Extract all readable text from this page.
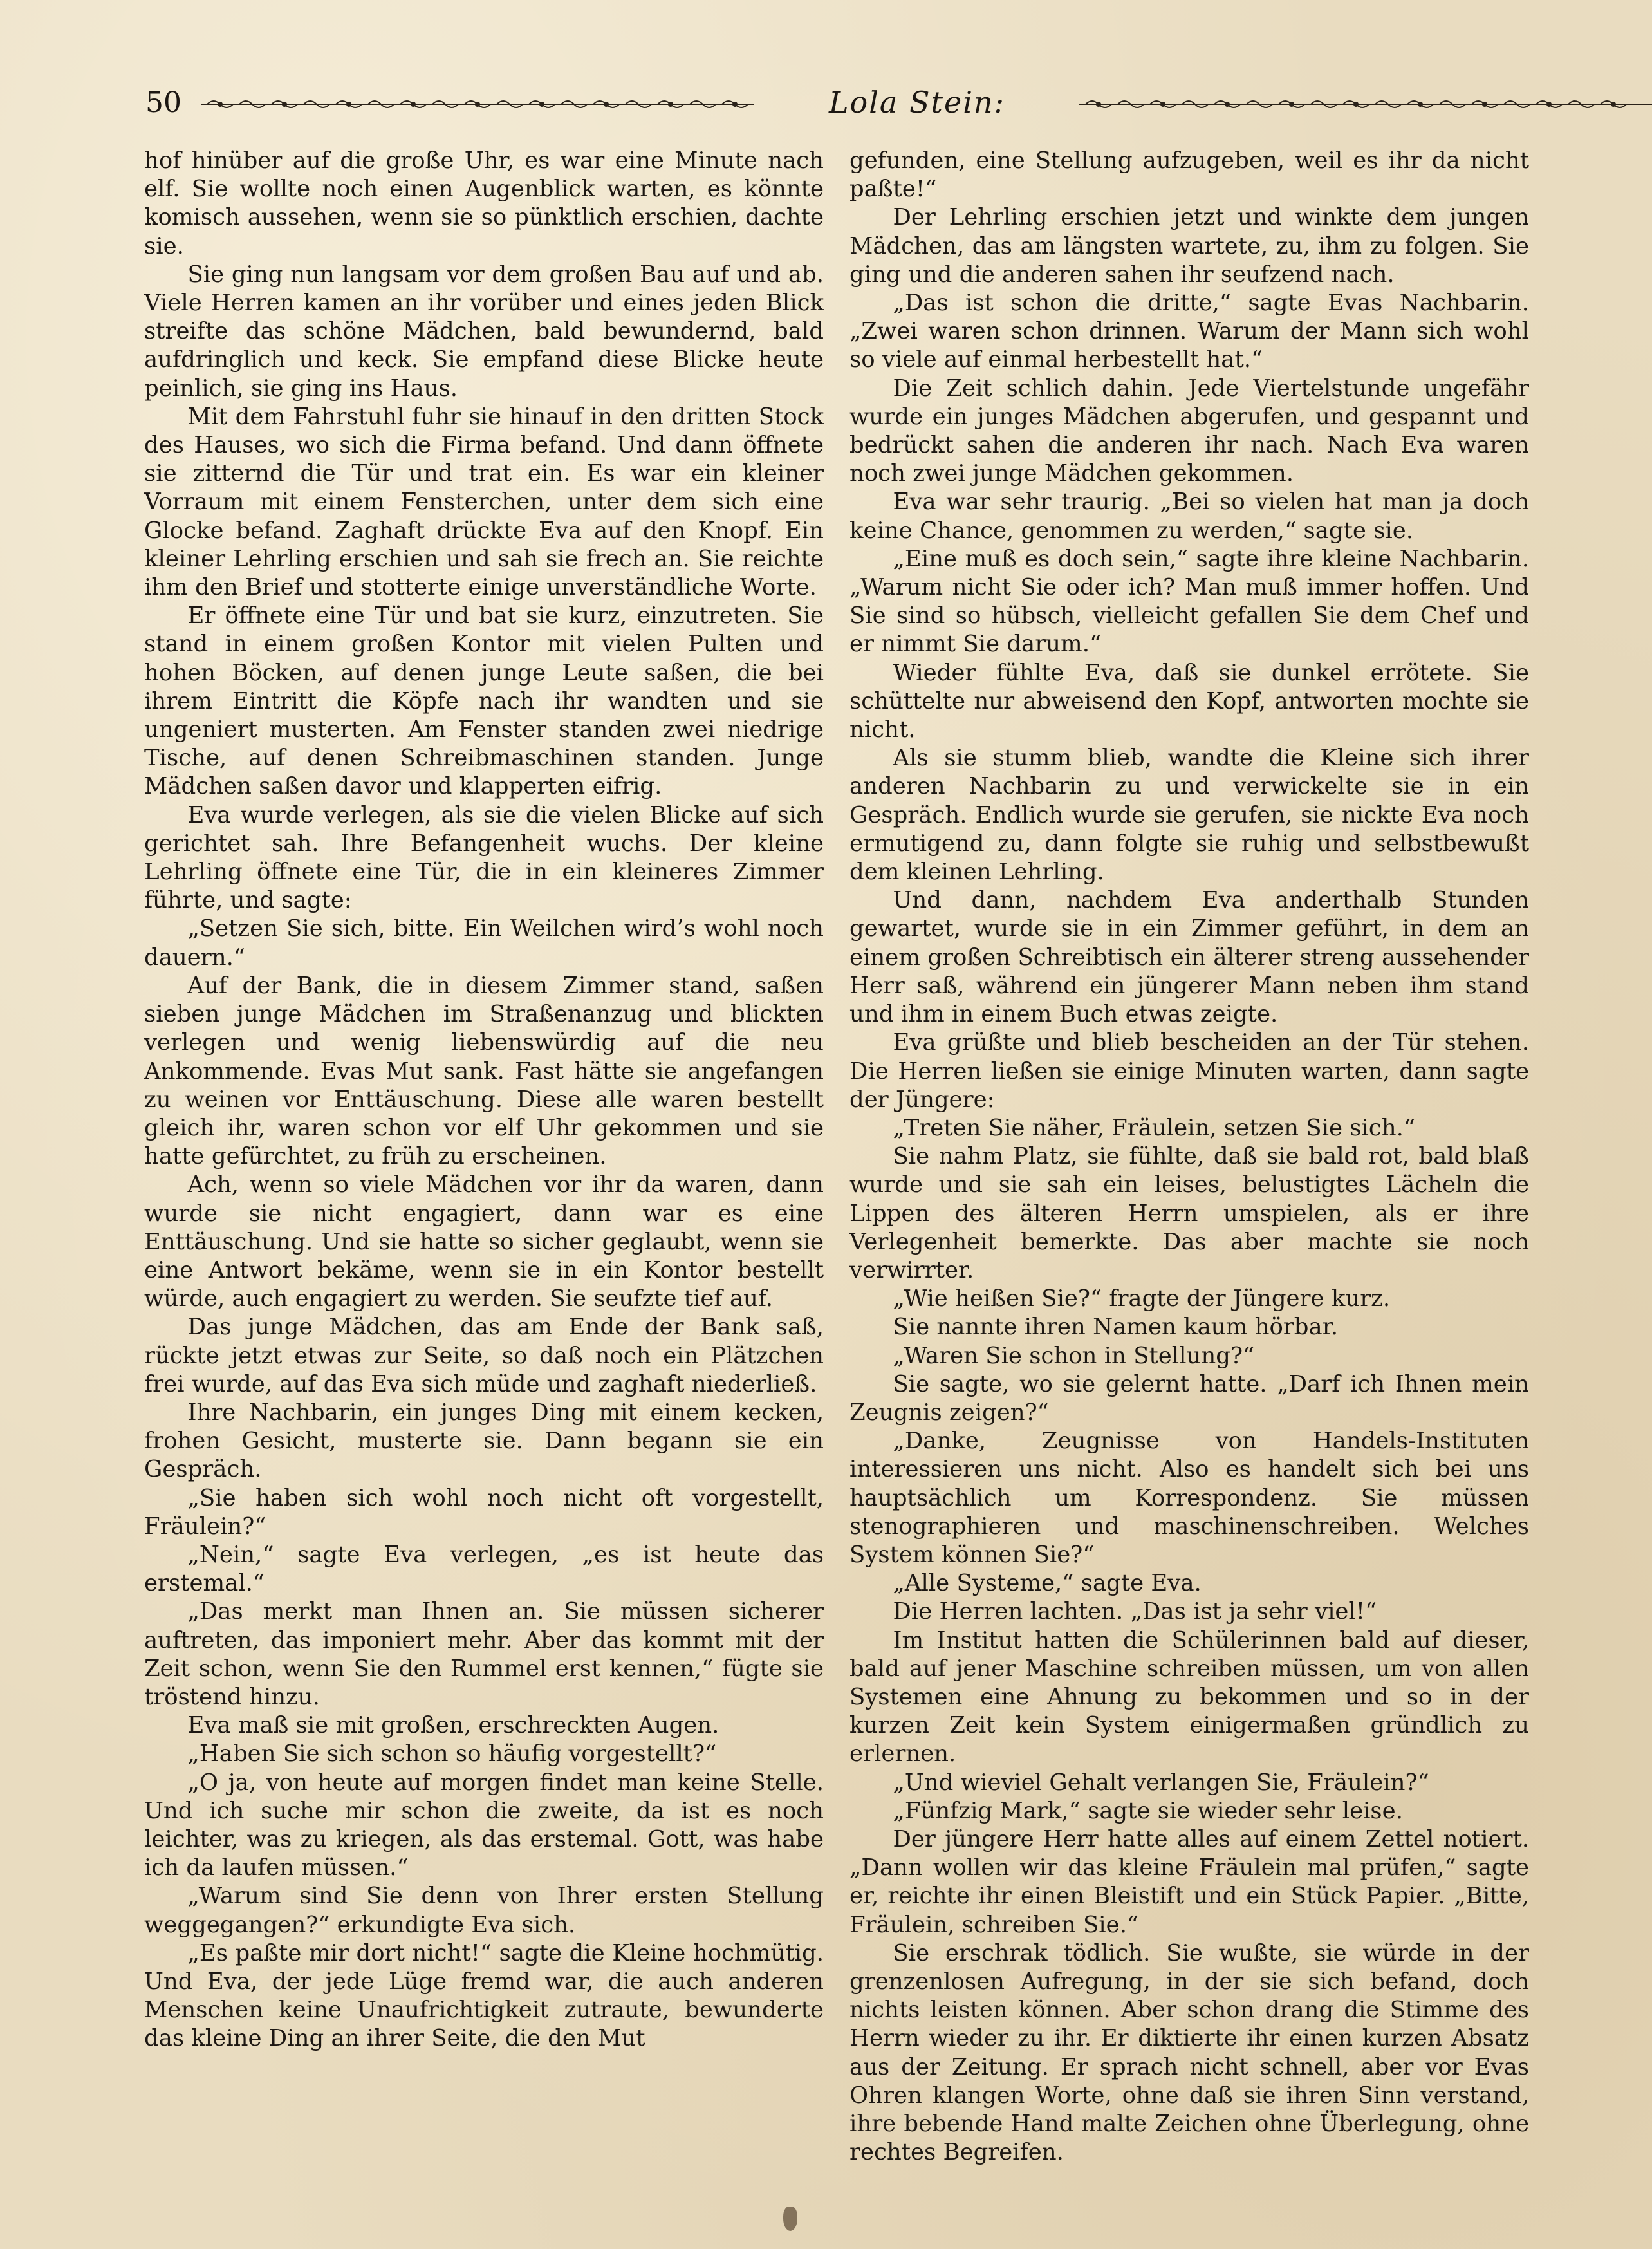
50	Lola Stein:

hof hinüber auf die große Uhr, es war eine Minute nach elf. Sie wollte noch einen Augenblick warten, es könnte komisch aussehen, wenn sie so pünktlich erschien, dachte sie.

Sie ging nun langsam vor dem großen Bau auf und ab. Viele Herren kamen an ihr vorüber und eines jeden Blick streifte das schöne Mädchen, bald bewundernd, bald aufdringlich und keck. Sie empfand diese Blicke heute peinlich, sie ging ins Haus.

Mit dem Fahrstuhl fuhr sie hinauf in den dritten Stock des Hauses, wo sich die Firma befand. Und dann öffnete sie zitternd die Tür und trat ein. Es war ein kleiner Vorraum mit einem Fensterchen, unter dem sich eine Glocke befand. Zaghaft drückte Eva auf den Knopf. Ein kleiner Lehrling erschien und sah sie frech an. Sie reichte ihm den Brief und stotterte einige unverständliche Worte.

Er öffnete eine Tür und bat sie kurz, einzutreten. Sie stand in einem großen Kontor mit vielen Pulten und hohen Böcken, auf denen junge Leute saßen, die bei ihrem Eintritt die Köpfe nach ihr wandten und sie ungeniert musterten. Am Fenster standen zwei niedrige Tische, auf denen Schreibmaschinen standen. Junge Mädchen saßen davor und klapperten eifrig.

Eva wurde verlegen, als sie die vielen Blicke auf sich gerichtet sah. Ihre Befangenheit wuchs. Der kleine Lehrling öffnete eine Tür, die in ein kleineres Zimmer führte, und sagte:

„Setzen Sie sich, bitte. Ein Weilchen wird’s wohl noch dauern.“

Auf der Bank, die in diesem Zimmer stand, saßen sieben junge Mädchen im Straßenanzug und blickten verlegen und wenig liebenswürdig auf die neu Ankommende. Evas Mut sank. Fast hätte sie angefangen zu weinen vor Enttäuschung. Diese alle waren bestellt gleich ihr, waren schon vor elf Uhr gekommen und sie hatte gefürchtet, zu früh zu erscheinen.

Ach, wenn so viele Mädchen vor ihr da waren, dann wurde sie nicht engagiert, dann war es eine Enttäuschung. Und sie hatte so sicher geglaubt, wenn sie eine Antwort bekäme, wenn sie in ein Kontor bestellt würde, auch engagiert zu werden. Sie seufzte tief auf.

Das junge Mädchen, das am Ende der Bank saß, rückte jetzt etwas zur Seite, so daß noch ein Plätzchen frei wurde, auf das Eva sich müde und zaghaft niederließ.

Ihre Nachbarin, ein junges Ding mit einem kecken, frohen Gesicht, musterte sie. Dann begann sie ein Gespräch.

„Sie haben sich wohl noch nicht oft vorgestellt, Fräulein?“

„Nein,“ sagte Eva verlegen, „es ist heute das erstemal.“

„Das merkt man Ihnen an. Sie müssen sicherer auftreten, das imponiert mehr. Aber das kommt mit der Zeit schon, wenn Sie den Rummel erst kennen,“ fügte sie tröstend hinzu.

Eva maß sie mit großen, erschreckten Augen.

„Haben Sie sich schon so häufig vorgestellt?“

„O ja, von heute auf morgen findet man keine Stelle. Und ich suche mir schon die zweite, da ist es noch leichter, was zu kriegen, als das erstemal. Gott, was habe ich da laufen müssen.“

„Warum sind Sie denn von Ihrer ersten Stellung weggegangen?“ erkundigte Eva sich.

„Es paßte mir dort nicht!“ sagte die Kleine hochmütig. Und Eva, der jede Lüge fremd war, die auch anderen Menschen keine Unaufrichtigkeit zutraute, bewunderte das kleine Ding an ihrer Seite, die den Mut

gefunden, eine Stellung aufzugeben, weil es ihr da nicht paßte!“

Der Lehrling erschien jetzt und winkte dem jungen Mädchen, das am längsten wartete, zu, ihm zu folgen. Sie ging und die anderen sahen ihr seufzend nach.

„Das ist schon die dritte,“ sagte Evas Nachbarin. „Zwei waren schon drinnen. Warum der Mann sich wohl so viele auf einmal herbestellt hat.“

Die Zeit schlich dahin. Jede Viertelstunde ungefähr wurde ein junges Mädchen abgerufen, und gespannt und bedrückt sahen die anderen ihr nach. Nach Eva waren noch zwei junge Mädchen gekommen.

Eva war sehr traurig. „Bei so vielen hat man ja doch keine Chance, genommen zu werden,“ sagte sie.

„Eine muß es doch sein,“ sagte ihre kleine Nachbarin. „Warum nicht Sie oder ich? Man muß immer hoffen. Und Sie sind so hübsch, vielleicht gefallen Sie dem Chef und er nimmt Sie darum.“

Wieder fühlte Eva, daß sie dunkel errötete. Sie schüttelte nur abweisend den Kopf, antworten mochte sie nicht.

Als sie stumm blieb, wandte die Kleine sich ihrer anderen Nachbarin zu und verwickelte sie in ein Gespräch. Endlich wurde sie gerufen, sie nickte Eva noch ermutigend zu, dann folgte sie ruhig und selbstbewußt dem kleinen Lehrling.

Und dann, nachdem Eva anderthalb Stunden gewartet, wurde sie in ein Zimmer geführt, in dem an einem großen Schreibtisch ein älterer streng aussehender Herr saß, während ein jüngerer Mann neben ihm stand und ihm in einem Buch etwas zeigte.

Eva grüßte und blieb bescheiden an der Tür stehen. Die Herren ließen sie einige Minuten warten, dann sagte der Jüngere:

„Treten Sie näher, Fräulein, setzen Sie sich.“

Sie nahm Platz, sie fühlte, daß sie bald rot, bald blaß wurde und sie sah ein leises, belustigtes Lächeln die Lippen des älteren Herrn umspielen, als er ihre Verlegenheit bemerkte. Das aber machte sie noch verwirrter.

„Wie heißen Sie?“ fragte der Jüngere kurz.

Sie nannte ihren Namen kaum hörbar.

„Waren Sie schon in Stellung?“

Sie sagte, wo sie gelernt hatte. „Darf ich Ihnen mein Zeugnis zeigen?“

„Danke, Zeugnisse von Handels-Instituten interessieren uns nicht. Also es handelt sich bei uns hauptsächlich um Korrespondenz. Sie müssen stenographieren und maschinenschreiben. Welches System können Sie?“

„Alle Systeme,“ sagte Eva.

Die Herren lachten. „Das ist ja sehr viel!“

Im Institut hatten die Schülerinnen bald auf dieser, bald auf jener Maschine schreiben müssen, um von allen Systemen eine Ahnung zu bekommen und so in der kurzen Zeit kein System einigermaßen gründlich zu erlernen.

„Und wieviel Gehalt verlangen Sie, Fräulein?“

„Fünfzig Mark,“ sagte sie wieder sehr leise.

Der jüngere Herr hatte alles auf einem Zettel notiert. „Dann wollen wir das kleine Fräulein mal prüfen,“ sagte er, reichte ihr einen Bleistift und ein Stück Papier. „Bitte, Fräulein, schreiben Sie.“

Sie erschrak tödlich. Sie wußte, sie würde in der grenzenlosen Aufregung, in der sie sich befand, doch nichts leisten können. Aber schon drang die Stimme des Herrn wieder zu ihr. Er diktierte ihr einen kurzen Absatz aus der Zeitung. Er sprach nicht schnell, aber vor Evas Ohren klangen Worte, ohne daß sie ihren Sinn verstand, ihre bebende Hand malte Zeichen ohne Überlegung, ohne rechtes Begreifen.
